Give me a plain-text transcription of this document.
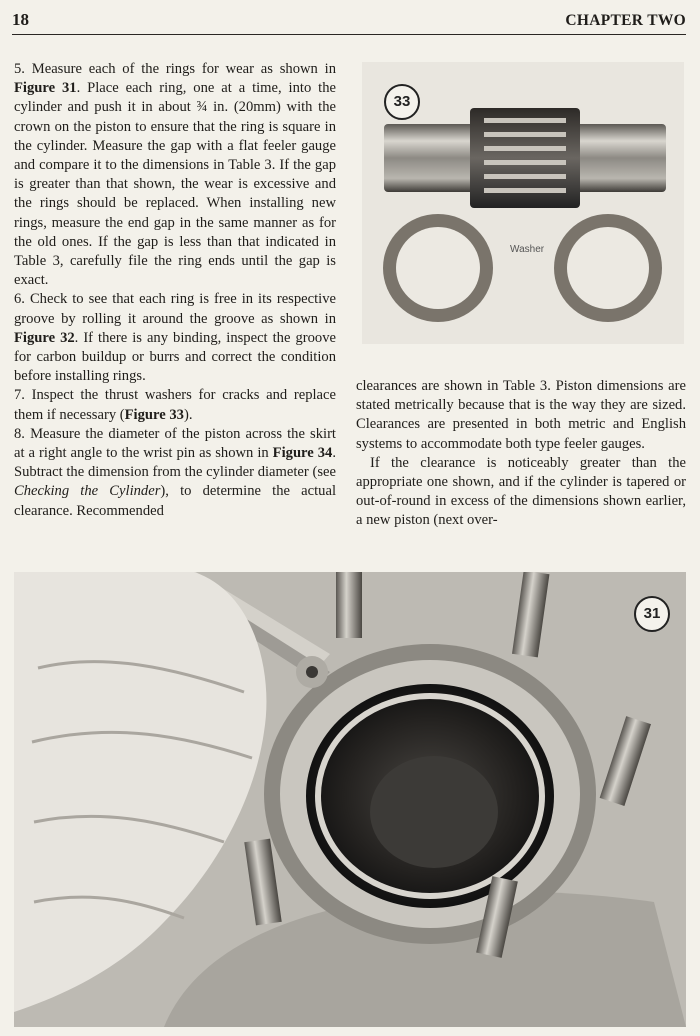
18	CHAPTER TWO

5. Measure each of the rings for wear as shown in Figure 31. Place each ring, one at a time, into the cylinder and push it in about ¾ in. (20mm) with the crown on the piston to ensure that the ring is square in the cylinder. Measure the gap with a flat feeler gauge and compare it to the dimensions in Table 3. If the gap is greater than that shown, the wear is excessive and the rings should be replaced. When installing new rings, measure the end gap in the same manner as for the old ones. If the gap is less than that indicated in Table 3, carefully file the ring ends until the gap is exact.

6. Check to see that each ring is free in its respective groove by rolling it around the groove as shown in Figure 32. If there is any binding, inspect the groove for carbon buildup or burrs and correct the condition before installing rings.

7. Inspect the thrust washers for cracks and replace them if necessary (Figure 33).

8. Measure the diameter of the piston across the skirt at a right angle to the wrist pin as shown in Figure 34. Subtract the dimension from the cylinder diameter (see Checking the Cylinder), to determine the actual clearance. Recommended

33
Washer

clearances are shown in Table 3. Piston dimensions are stated metrically because that is the way they are sized. Clearances are presented in both metric and English systems to accommodate both type feeler gauges.

If the clearance is noticeably greater than the appropriate one shown, and if the cylinder is tapered or out-of-round in excess of the dimensions shown earlier, a new piston (next over-

31
